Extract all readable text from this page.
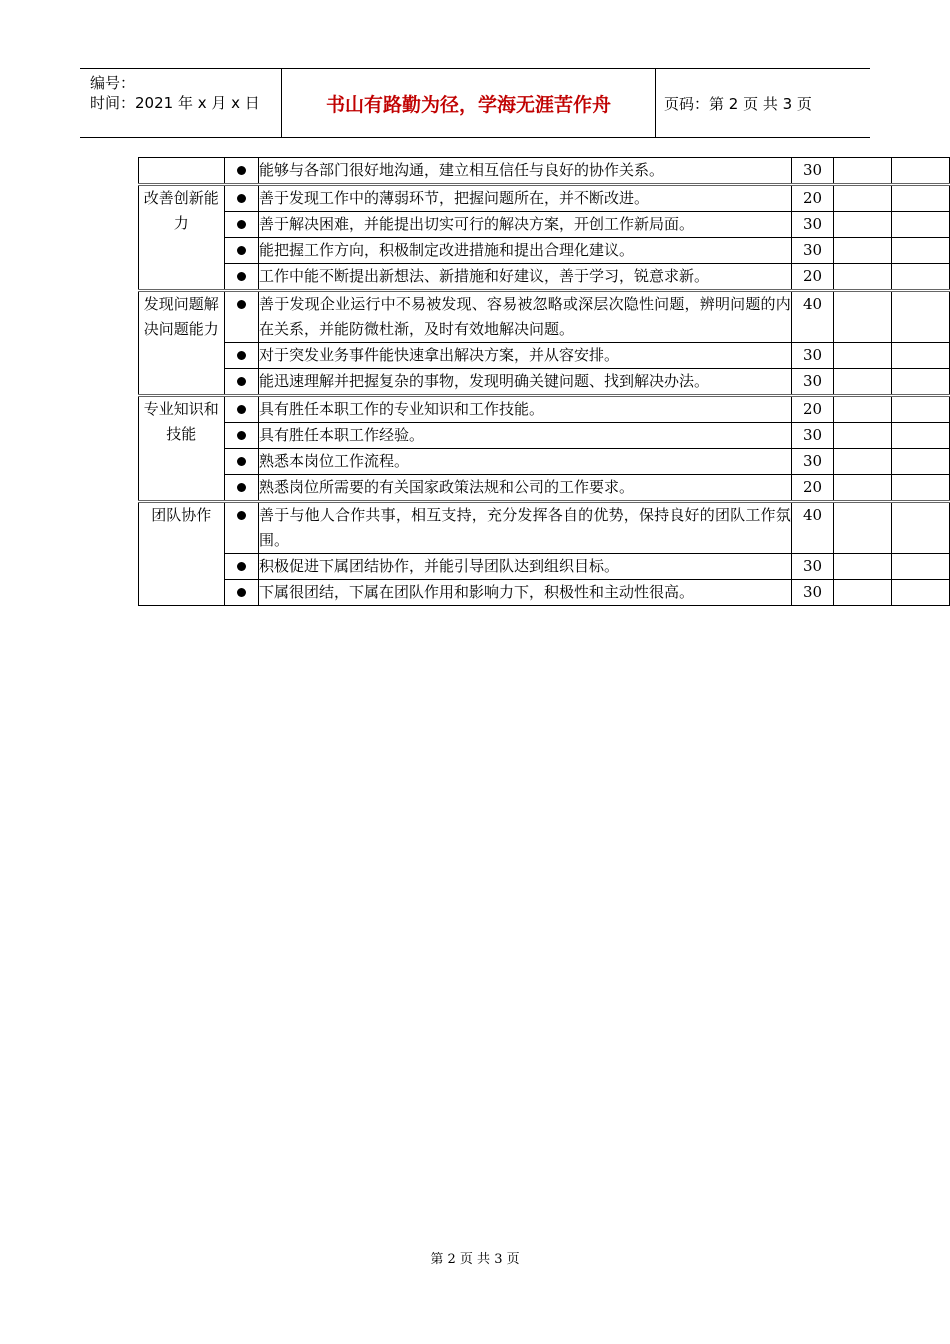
编号：
时间：2021 年 x 月 x 日	书山有路勤为径，学海无涯苦作舟	页码：第 2 页 共 3 页
		能够与各部门很好地沟通，建立相互信任与良好的协作关系。	30		
改善创新能力		善于发现工作中的薄弱环节，把握问题所在，并不断改进。	20		
		善于解决困难，并能提出切实可行的解决方案，开创工作新局面。	30		
		能把握工作方向，积极制定改进措施和提出合理化建议。	30		
		工作中能不断提出新想法、新措施和好建议，善于学习，锐意求新。	20		
发现问题解决问题能力		善于发现企业运行中不易被发现、容易被忽略或深层次隐性问题，辨明问题的内在关系，并能防微杜渐，及时有效地解决问题。	40		
		对于突发业务事件能快速拿出解决方案，并从容安排。	30		
		能迅速理解并把握复杂的事物，发现明确关键问题、找到解决办法。	30		
专业知识和技能		具有胜任本职工作的专业知识和工作技能。	20		
		具有胜任本职工作经验。	30		
		熟悉本岗位工作流程。	30		
		熟悉岗位所需要的有关国家政策法规和公司的工作要求。	20		
团队协作		善于与他人合作共事，相互支持，充分发挥各自的优势，保持良好的团队工作氛围。	40		
		积极促进下属团结协作，并能引导团队达到组织目标。	30		
		下属很团结，下属在团队作用和影响力下，积极性和主动性很高。	30		
第 2 页 共 3 页
